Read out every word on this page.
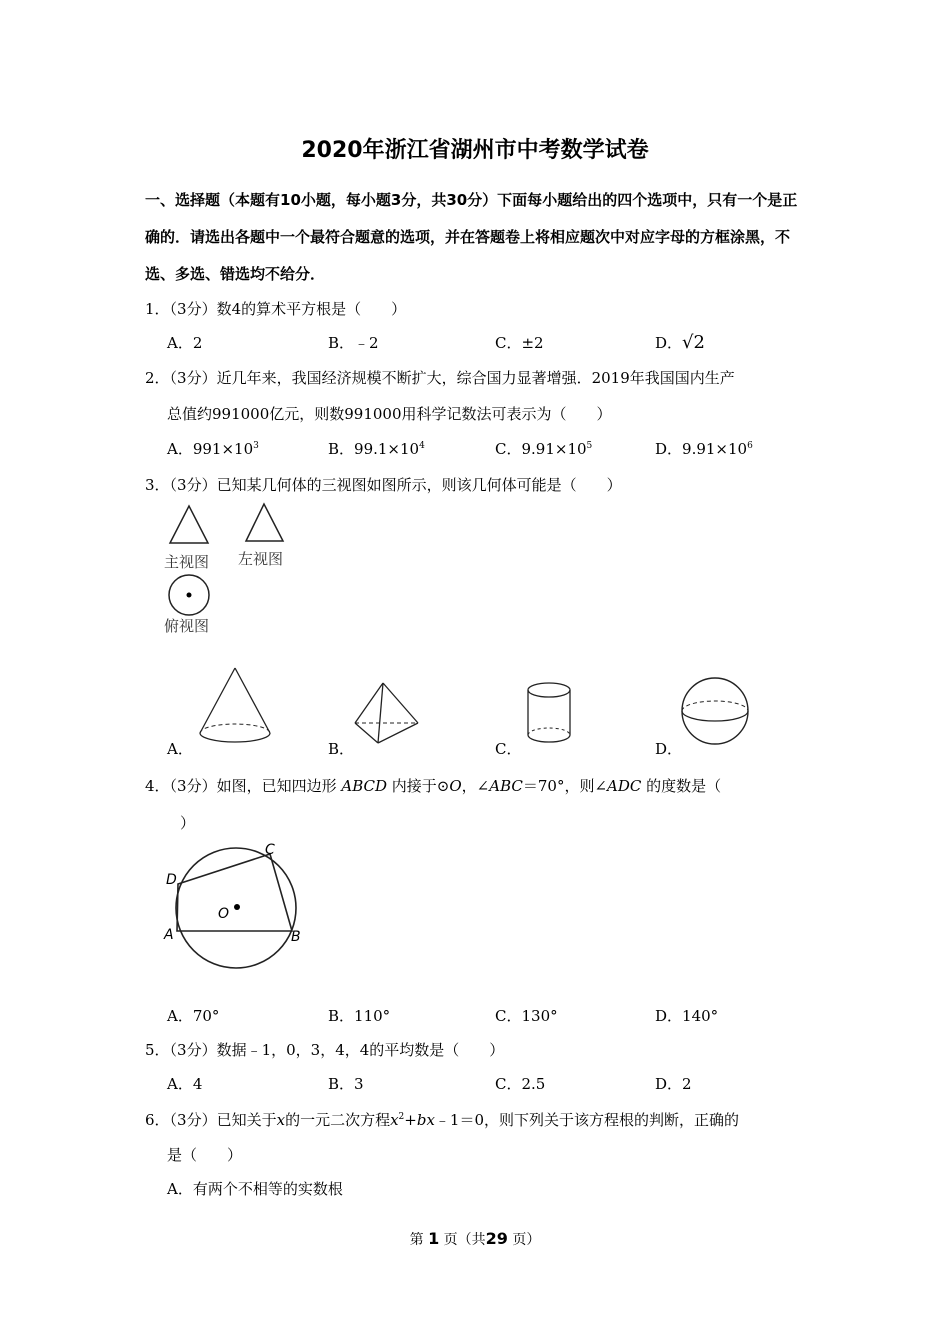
2020年浙江省湖州市中考数学试卷
一、选择题（本题有10小题，每小题3分，共30分）下面每小题给出的四个选项中，只有一个是正确的．请选出各题中一个最符合题意的选项，并在答题卷上将相应题次中对应字母的方框涂黑，不选、多选、错选均不给分．
1．（3分）数4的算术平方根是（　　）
A．2	B．﹣2	C．±2	D．√2
2．（3分）近几年来，我国经济规模不断扩大，综合国力显著增强．2019年我国国内生产
总值约991000亿元，则数991000用科学记数法可表示为（　　）
A．$991\times 10^3$	B．$99.1\times 10^4$	C．$9.91\times 10^5$	D．$9.91\times 10^6$
3．（3分）已知某几何体的三视图如图所示，则该几何体可能是（　　）
主视图 左视图
俯视图
A．	B．	C．	D．
4．（3分）如图，已知四边形 ABCD 内接于⊙O，∠ABC＝70°，则∠ADC 的度数是（
）
C
D
O
A	B
A．70°	B．110°	C．130°	D．140°
5．（3分）数据﹣1，0，3，4，4的平均数是（　　）
A．4	B．3	C．2.5	D．2
6．（3分）已知关于x的一元二次方程$x^2+bx﹣1=0$，则下列关于该方程根的判断，正确的
是（　　）
A．有两个不相等的实数根
第 1 页（共29 页）
